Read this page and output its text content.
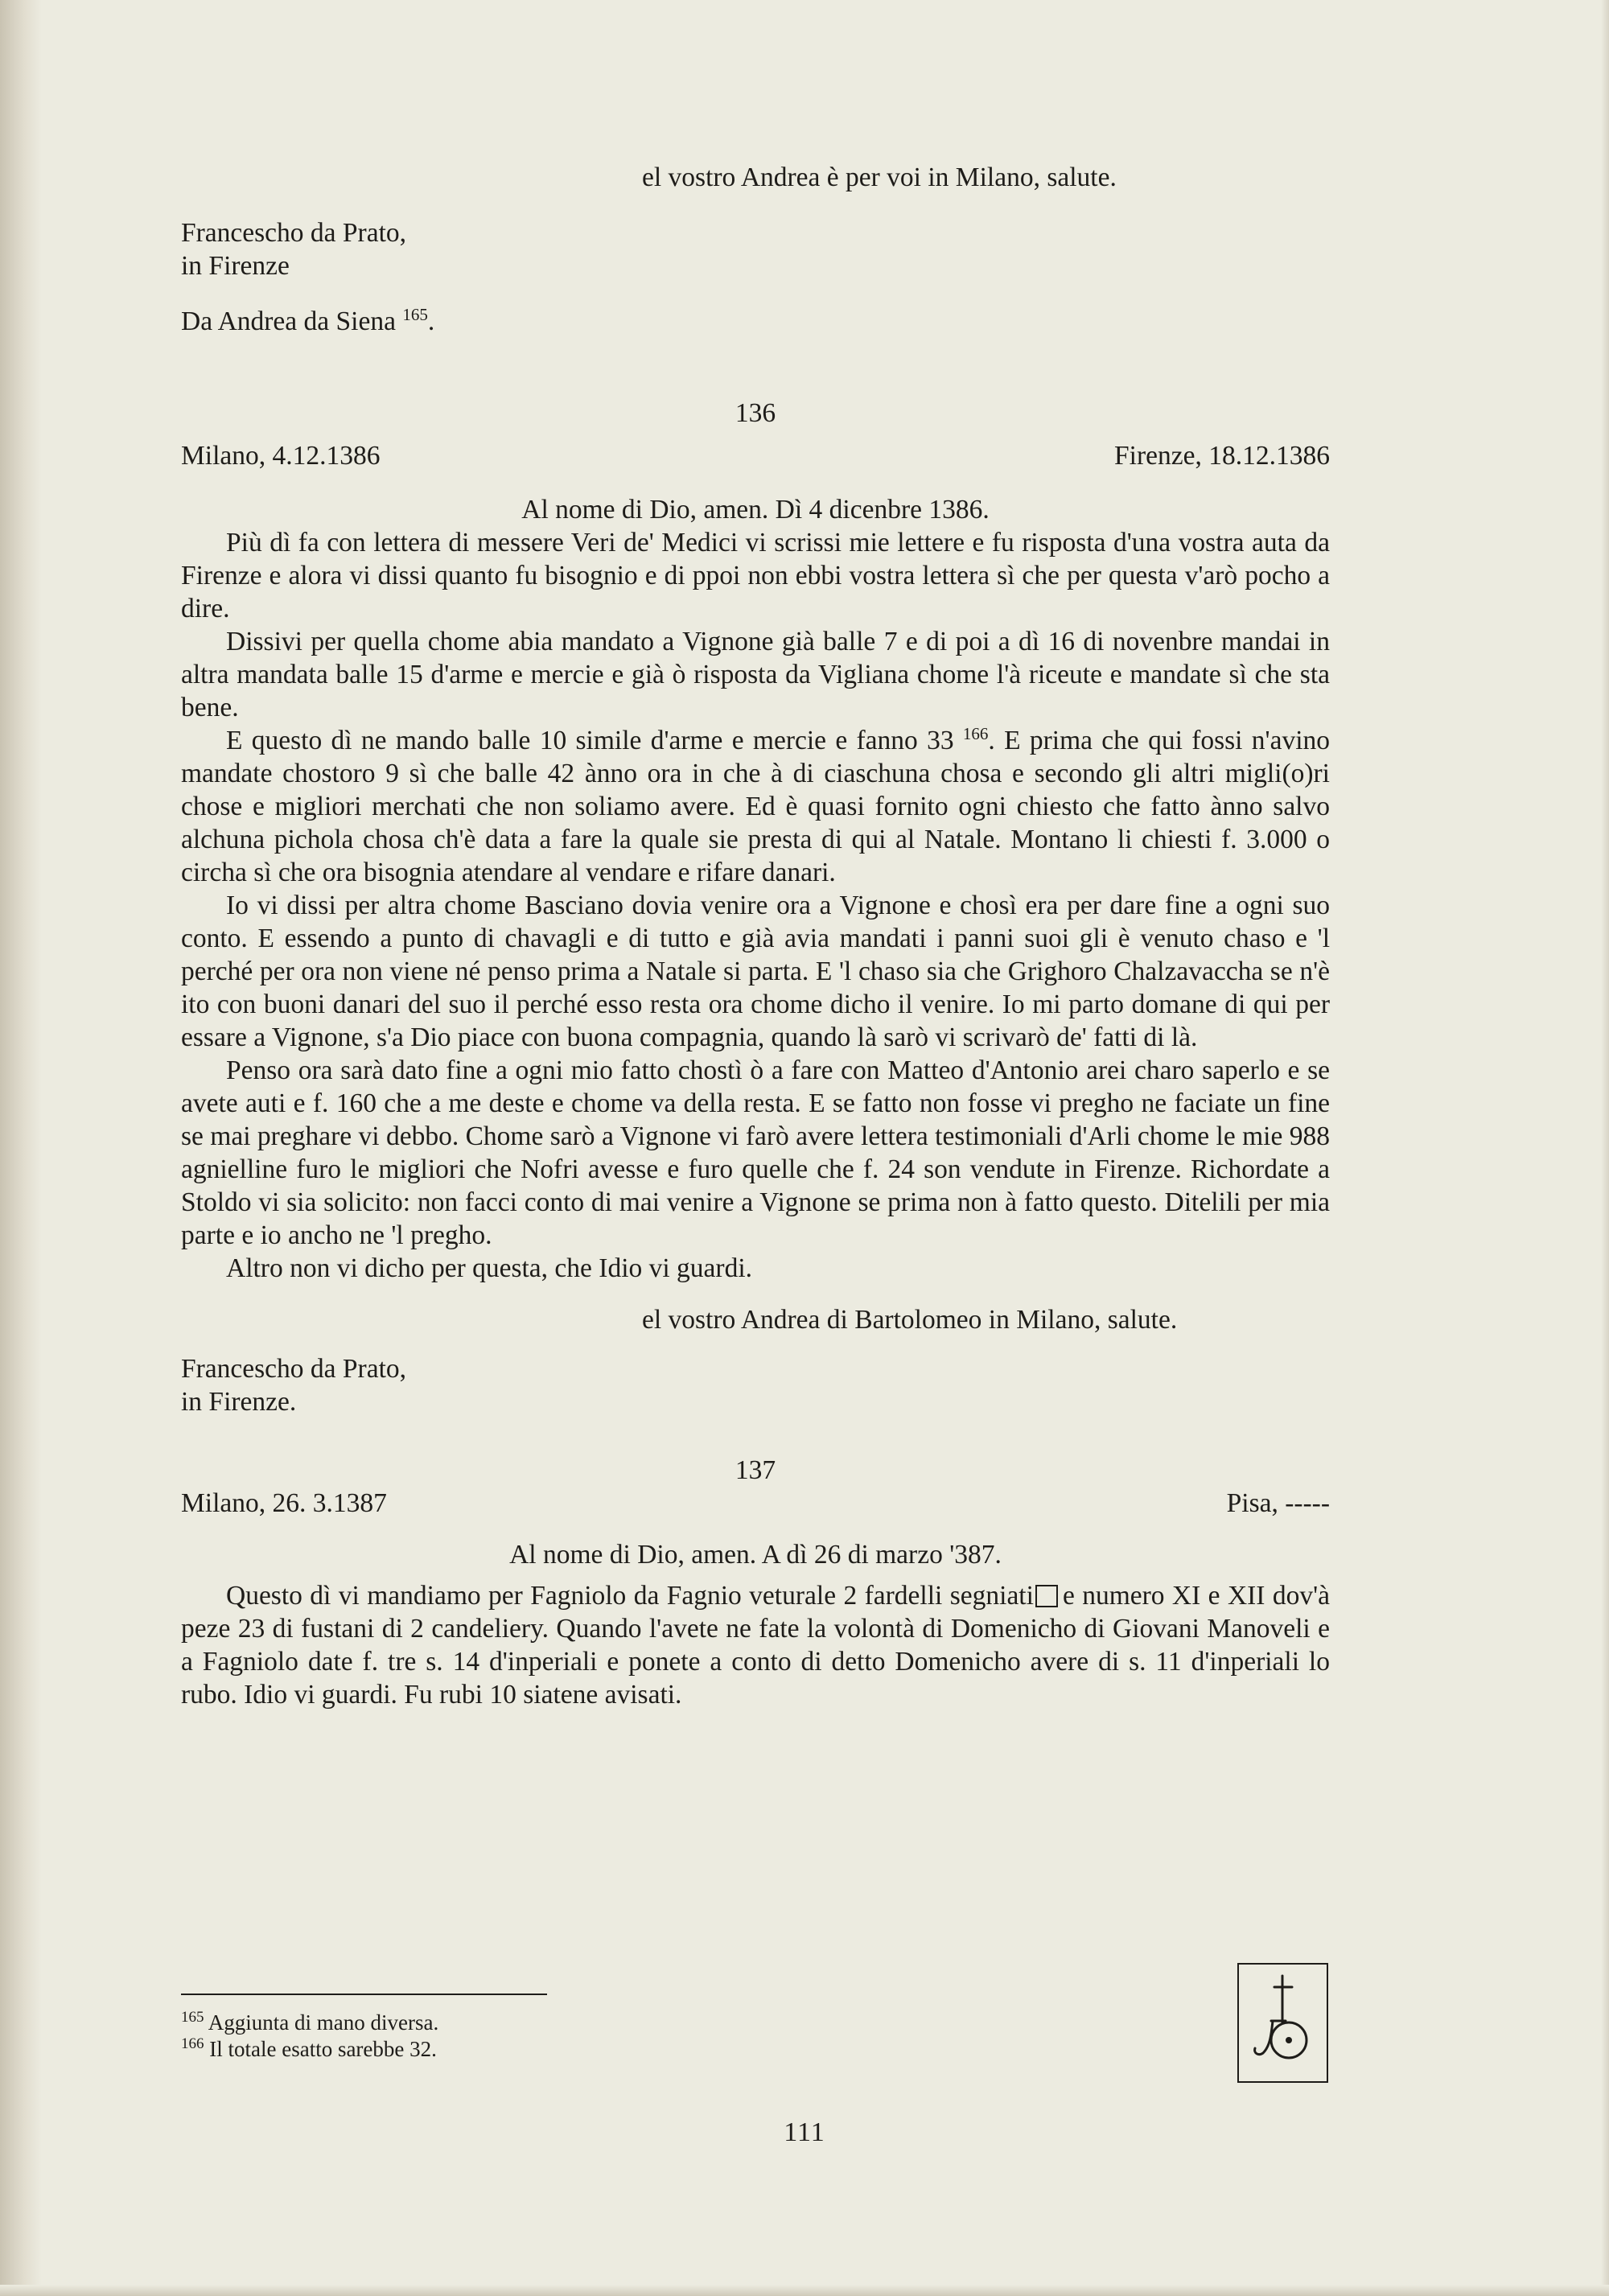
el vostro Andrea è per voi in Milano, salute.
Francescho da Prato,
in Firenze
Da Andrea da Siena $^{165}$.
136
Milano, 4.12.1386	Firenze, 18.12.1386
Al nome di Dio, amen. Dì 4 dicenbre 1386.

Più dì fa con lettera di messere Veri de' Medici vi scrissi mie lettere e fu risposta d'una vostra auta da Firenze e alora vi dissi quanto fu bisognio e di ppoi non ebbi vostra lettera sì che per questa v'arò pocho a dire.

Dissivi per quella chome abia mandato a Vignone già balle 7 e di poi a dì 16 di novenbre mandai in altra mandata balle 15 d'arme e mercie e già ò risposta da Vigliana chome l'à riceute e mandate sì che sta bene.

E questo dì ne mando balle 10 simile d'arme e mercie e fanno 33 $^{166}$. E prima che qui fossi n'avino mandate chostoro 9 sì che balle 42 ànno ora in che à di ciaschuna chosa e secondo gli altri migli(o)ri chose e migliori merchati che non soliamo avere. Ed è quasi fornito ogni chiesto che fatto ànno salvo alchuna pichola chosa ch'è data a fare la quale sie presta di qui al Natale. Montano li chiesti f. 3.000 o circha sì che ora bisognia atendare al vendare e rifare danari.

Io vi dissi per altra chome Basciano dovia venire ora a Vignone e chosì era per dare fine a ogni suo conto. E essendo a punto di chavagli e di tutto e già avia mandati i panni suoi gli è venuto chaso e 'l perché per ora non viene né penso prima a Natale si parta. E 'l chaso sia che Grighoro Chalzavaccha se n'è ito con buoni danari del suo il perché esso resta ora chome dicho il venire. Io mi parto domane di qui per essare a Vignone, s'a Dio piace con buona compagnia, quando là sarò vi scrivarò de' fatti di là.

Penso ora sarà dato fine a ogni mio fatto chostì ò a fare con Matteo d'Antonio arei charo saperlo e se avete auti e f. 160 che a me deste e chome va della resta. E se fatto non fosse vi pregho ne faciate un fine se mai preghare vi debbo. Chome sarò a Vignone vi farò avere lettera testimoniali d'Arli chome le mie 988 agnielline furo le migliori che Nofri avesse e furo quelle che f. 24 son vendute in Firenze. Richordate a Stoldo vi sia solicito: non facci conto di mai venire a Vignone se prima non à fatto questo. Ditelili per mia parte e io ancho ne 'l pregho.

Altro non vi dicho per questa, che Idio vi guardi.

el vostro Andrea di Bartolomeo in Milano, salute.
Francescho da Prato,
in Firenze.
137
Milano, 26. 3.1387	Pisa, -----
Al nome di Dio, amen. A dì 26 di marzo '387.

Questo dì vi mandiamo per Fagniolo da Fagnio veturale 2 fardelli segniati e numero XI e XII dov'à peze 23 di fustani di 2 candeliery. Quando l'avete ne fate la volontà di Domenicho di Giovani Manoveli e a Fagniolo date f. tre s. 14 d'inperiali e ponete a conto di detto Domenicho avere di s. 11 d'inperiali lo rubo. Idio vi guardi. Fu rubi 10 siatene avisati.

$^{165}$ Aggiunta di mano diversa.
$^{166}$ Il totale esatto sarebbe 32.
111
